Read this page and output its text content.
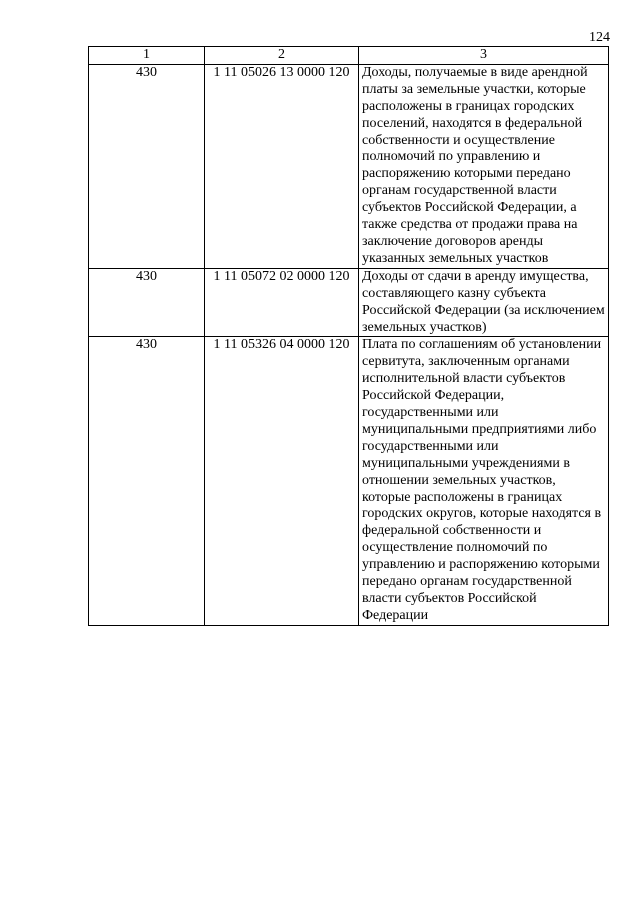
124
1	2	3
430	1 11 05026 13 0000 120	Доходы, получаемые в виде арендной платы за земельные участки, которые расположены в границах городских поселений, находятся в федеральной собственности и осуществление полномочий по управлению и распоряжению которыми передано органам государственной власти субъектов Российской Федерации, а также средства от продажи права на заключение договоров аренды указанных земельных участков
430	1 11 05072 02 0000 120	Доходы от сдачи в аренду имущества, составляющего казну субъекта Российской Федерации (за исключением земельных участков)
430	1 11 05326 04 0000 120	Плата по соглашениям об установлении сервитута, заключенным органами исполнительной власти субъектов Российской Федерации, государственными или муниципальными предприятиями либо государственными или муниципальными учреждениями в отношении земельных участков, которые расположены в границах городских округов, которые находятся в федеральной собственности и осуществление полномочий по управлению и распоряжению которыми передано органам государственной власти субъектов Российской Федерации
